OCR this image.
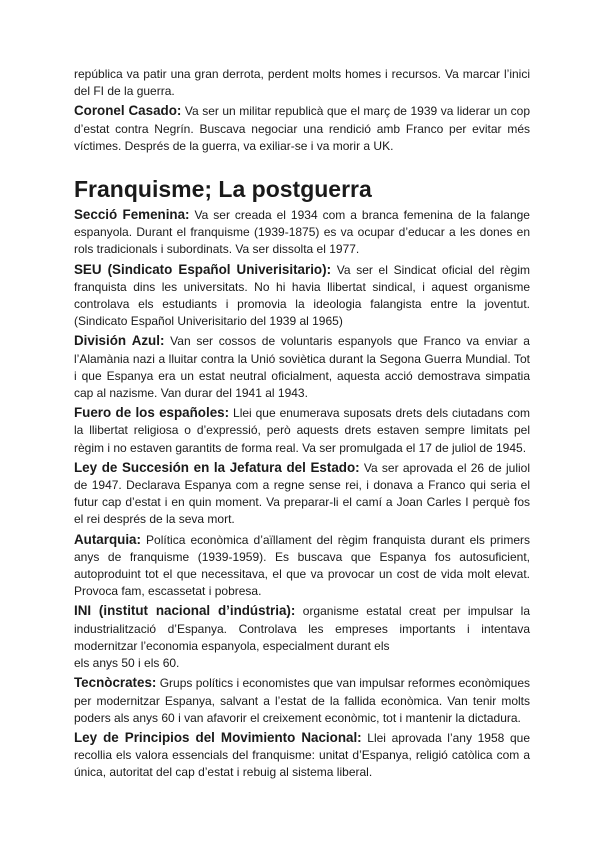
república va patir una gran derrota, perdent molts homes i recursos. Va marcar l’inici del FI de la guerra.

Coronel Casado: Va ser un militar republicà que el març de 1939 va liderar un cop d’estat contra Negrín. Buscava negociar una rendició amb Franco per evitar més víctimes. Després de la guerra, va exiliar-se i va morir a UK.

Franquisme; La postguerra

Secció Femenina: Va ser creada el 1934 com a branca femenina de la falange espanyola. Durant el franquisme (1939-1875) es va ocupar d’educar a les dones en rols tradicionals i subordinats. Va ser dissolta el 1977.

SEU (Sindicato Español Univerisitario): Va ser el Sindicat oficial del règim franquista dins les universitats. No hi havia llibertat sindical, i aquest organisme controlava els estudiants i promovia la ideologia falangista entre la joventut. (Sindicato Español Univerisitario del 1939 al 1965)

División Azul: Van ser cossos de voluntaris espanyols que Franco va enviar a l’Alamània nazi a lluitar contra la Unió soviètica durant la Segona Guerra Mundial. Tot i que Espanya era un estat neutral oficialment, aquesta acció demostrava simpatia cap al nazisme. Van durar del 1941 al 1943.

Fuero de los españoles: Llei que enumerava suposats drets dels ciutadans com la llibertat religiosa o d’expressió, però aquests drets estaven sempre limitats pel règim i no estaven garantits de forma real. Va ser promulgada el 17 de juliol de 1945.

Ley de Succesión en la Jefatura del Estado: Va ser aprovada el 26 de juliol de 1947. Declarava Espanya com a regne sense rei, i donava a Franco qui seria el futur cap d’estat i en quin moment. Va preparar-li el camí a Joan Carles I perquè fos el rei després de la seva mort.

Autarquia: Política econòmica d’aïllament del règim franquista durant els primers anys de franquisme (1939-1959). Es buscava que Espanya fos autosuficient, autoproduint tot el que necessitava, el que va provocar un cost de vida molt elevat. Provoca fam, escassetat i pobresa.

INI (institut nacional d’indústria): organisme estatal creat per impulsar la industrialització d’Espanya. Controlava les empreses importants i intentava modernitzar l’economia espanyola, especialment durant els

els anys 50 i els 60.

Tecnòcrates: Grups polítics i economistes que van impulsar reformes econòmiques per modernitzar Espanya, salvant a l’estat de la fallida econòmica. Van tenir molts poders als anys 60 i van afavorir el creixement econòmic, tot i mantenir la dictadura.

Ley de Principios del Movimiento Nacional: Llei aprovada l’any 1958 que recollia els valora essencials del franquisme: unitat d’Espanya, religió catòlica com a única, autoritat del cap d’estat i rebuig al sistema liberal.
